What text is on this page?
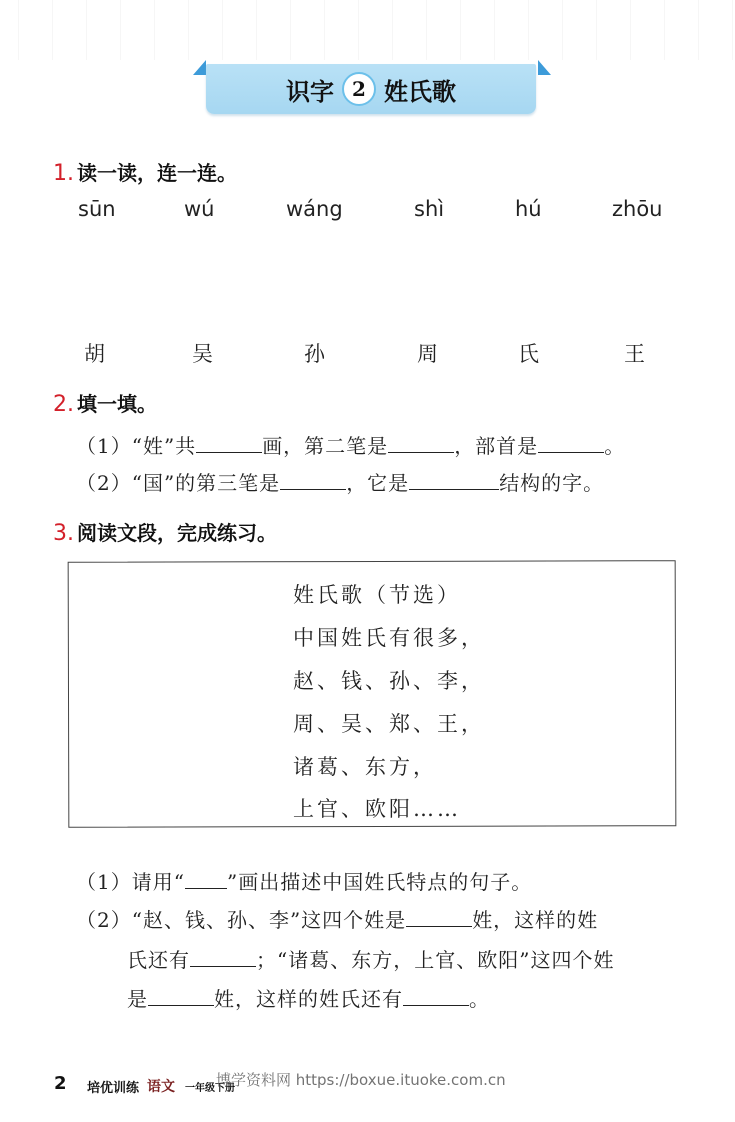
识字 2 姓氏歌
1. 读一读，连一连。
sūn	wú	wáng	shì	hú	zhōu
胡	吴	孙	周	氏	王
2. 填一填。
（1）“姓”共	画，第二笔是	，部首是	。
（2）“国”的第三笔是	，它是	结构的字。
3. 阅读文段，完成练习。
姓氏歌（节选）
中国姓氏有很多，
赵、钱、孙、李，
周、吴、郑、王，
诸葛、东方，
上官、欧阳……
（1）请用“ ”画出描述中国姓氏特点的句子。
（2）“赵、钱、孙、李”这四个姓是	姓，这样的姓
氏还有	；“诸葛、东方，上官、欧阳”这四个姓
是	姓，这样的姓氏还有	。
2 培优训练 语文 一年级下册
博学资料网 https://boxue.ituoke.com.cn
